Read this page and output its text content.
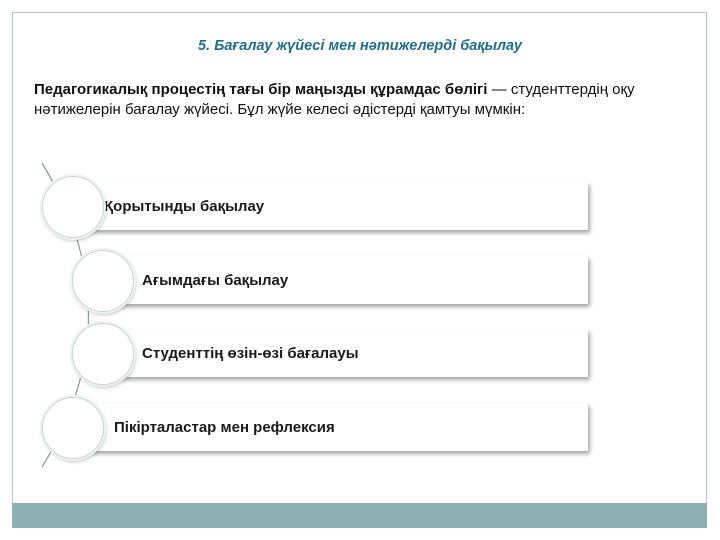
5. Бағалау жүйесі мен нәтижелерді бақылау
Педагогикалық процестің тағы бір маңызды құрамдас бөлігі — студенттердің оқу нәтижелерін бағалау жүйесі. Бұл жүйе келесі әдістерді қамтуы мүмкін:
Қорытынды бақылау
Ағымдағы бақылау
Студенттің өзін-өзі бағалауы
Пікірталастар мен рефлексия
